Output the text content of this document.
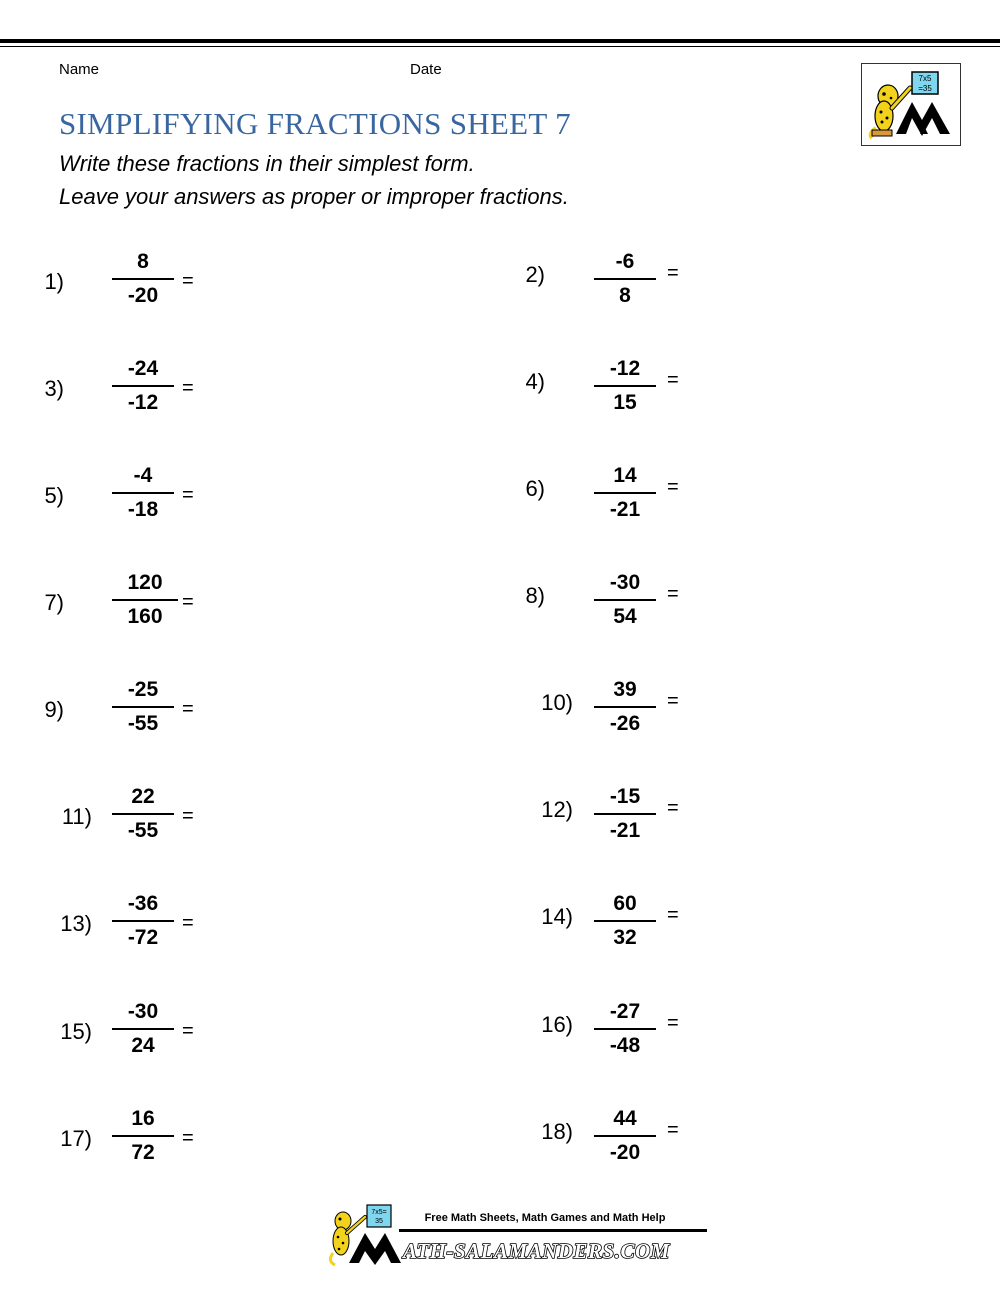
Name	Date
SIMPLIFYING FRACTIONS SHEET 7

Write these fractions in their simplest form.

Leave your answers as proper or improper fractions.

7x5
=35
1)
8
-20
=	2)
-6
8
=
3)
-24
-12
=	4)
-12
15
=
5)
-4
-18
=	6)
14
-21
=
7)
120
160
=	8)
-30
54
=
9)
-25
-55
=	10)
39
-26
=
11)
22
-55
=	12)
-15
-21
=
13)
-36
-72
=	14)
60
32
=
15)
-30
24
=	16)
-27
-48
=
17)
16
72
=	18)
44
-20
=
7x5=
35	Free Math Sheets, Math Games and Math Help
ATH-SALAMANDERS.COM
